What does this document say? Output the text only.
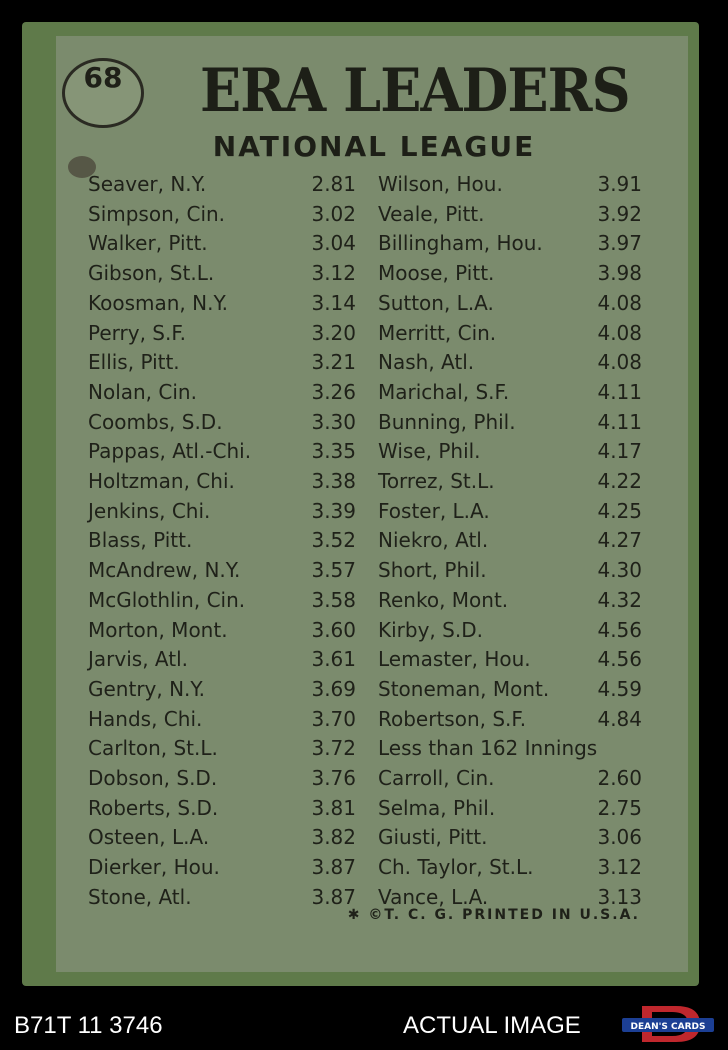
68	ERA LEADERS
NATIONAL LEAGUE
Seaver, N.Y.	2.81
Simpson, Cin.	3.02
Walker, Pitt.	3.04
Gibson, St.L.	3.12
Koosman, N.Y.	3.14
Perry, S.F.	3.20
Ellis, Pitt.	3.21
Nolan, Cin.	3.26
Coombs, S.D.	3.30
Pappas, Atl.-Chi.	3.35
Holtzman, Chi.	3.38
Jenkins, Chi.	3.39
Blass, Pitt.	3.52
McAndrew, N.Y.	3.57
McGlothlin, Cin.	3.58
Morton, Mont.	3.60
Jarvis, Atl.	3.61
Gentry, N.Y.	3.69
Hands, Chi.	3.70
Carlton, St.L.	3.72
Dobson, S.D.	3.76
Roberts, S.D.	3.81
Osteen, L.A.	3.82
Dierker, Hou.	3.87
Stone, Atl.	3.87
Wilson, Hou.	3.91
Veale, Pitt.	3.92
Billingham, Hou.	3.97
Moose, Pitt.	3.98
Sutton, L.A.	4.08
Merritt, Cin.	4.08
Nash, Atl.	4.08
Marichal, S.F.	4.11
Bunning, Phil.	4.11
Wise, Phil.	4.17
Torrez, St.L.	4.22
Foster, L.A.	4.25
Niekro, Atl.	4.27
Short, Phil.	4.30
Renko, Mont.	4.32
Kirby, S.D.	4.56
Lemaster, Hou.	4.56
Stoneman, Mont.	4.59
Robertson, S.F.	4.84
Less than 162 Innings
Carroll, Cin.	2.60
Selma, Phil.	2.75
Giusti, Pitt.	3.06
Ch. Taylor, St.L.	3.12
Vance, L.A.	3.13
✱ ©T. C. G. PRINTED IN U.S.A.
B71T 11 3746	ACTUAL IMAGE	DEAN'S CARDS
